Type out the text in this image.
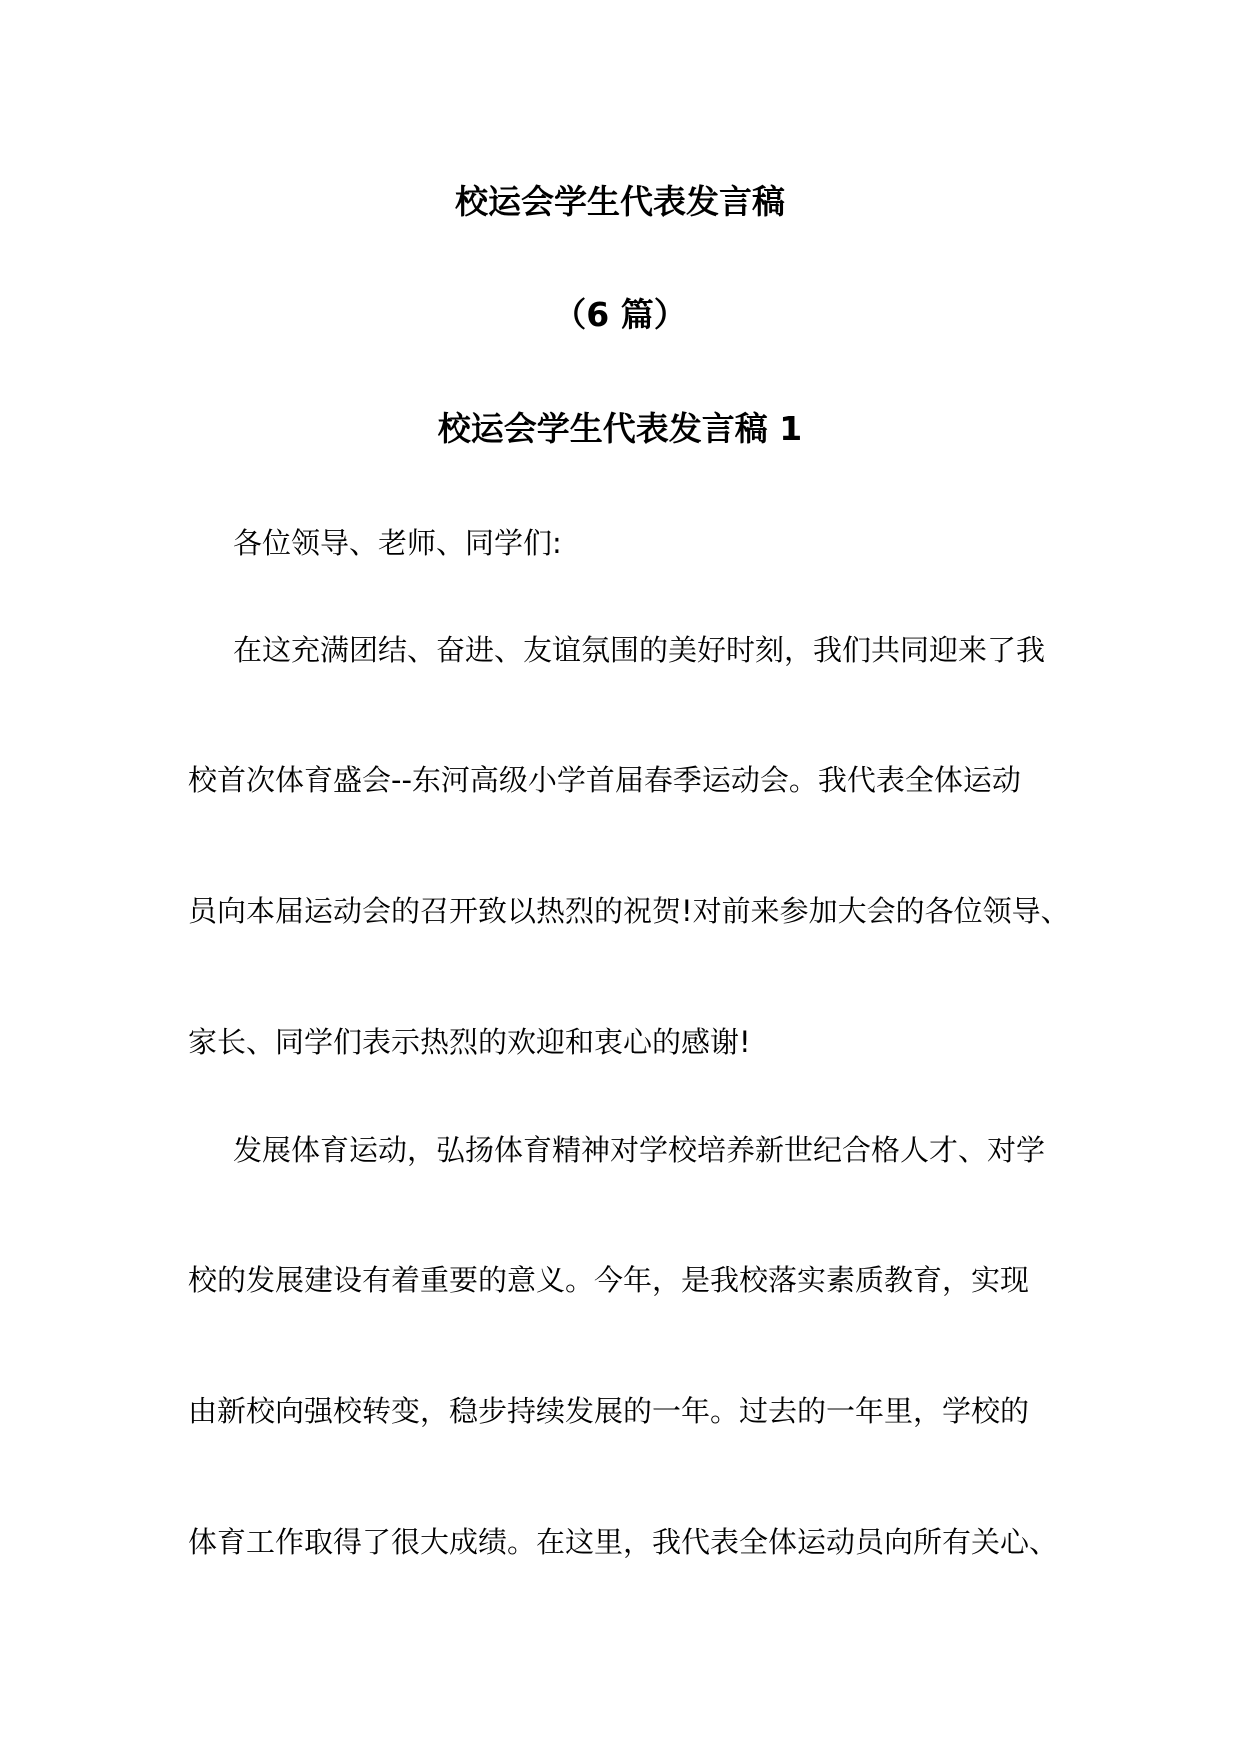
校运会学生代表发言稿
（6 篇）
校运会学生代表发言稿 1
各位领导、老师、同学们:
在这充满团结、奋进、友谊氛围的美好时刻，我们共同迎来了我
校首次体育盛会--东河高级小学首届春季运动会。我代表全体运动
员向本届运动会的召开致以热烈的祝贺!对前来参加大会的各位领导、
家长、同学们表示热烈的欢迎和衷心的感谢!
发展体育运动，弘扬体育精神对学校培养新世纪合格人才、对学
校的发展建设有着重要的意义。今年，是我校落实素质教育，实现
由新校向强校转变，稳步持续发展的一年。过去的一年里，学校的
体育工作取得了很大成绩。在这里，我代表全体运动员向所有关心、
